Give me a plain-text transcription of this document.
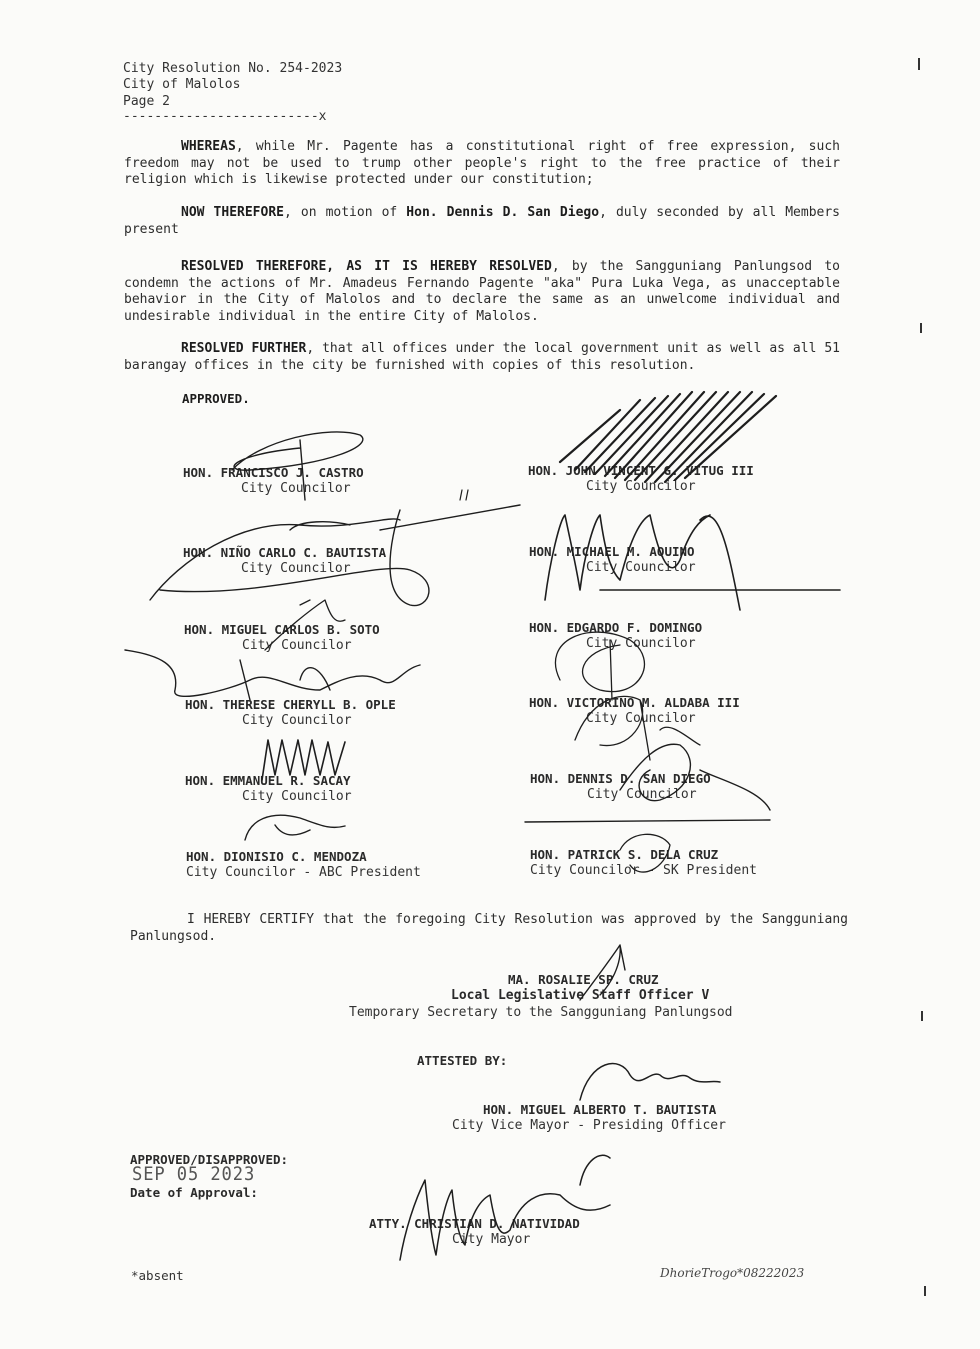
City Resolution No. 254-2023
City of Malolos
Page 2
-------------------------x
WHEREAS, while Mr. Pagente has a constitutional right of free expression, such freedom may not be used to trump other people's right to the free practice of their religion which is likewise protected under our constitution;
NOW THEREFORE, on motion of Hon. Dennis D. San Diego, duly seconded by all Members present
RESOLVED THEREFORE, AS IT IS HEREBY RESOLVED, by the Sangguniang Panlungsod to condemn the actions of Mr. Amadeus Fernando Pagente "aka" Pura Luka Vega, as unacceptable behavior in the City of Malolos and to declare the same as an unwelcome individual and undesirable individual in the entire City of Malolos.
RESOLVED FURTHER, that all offices under the local government unit as well as all 51 barangay offices in the city be furnished with copies of this resolution.
APPROVED.
HON. FRANCISCO J. CASTRO
City Councilor
HON. NIÑO CARLO C. BAUTISTA
City Councilor
HON. MIGUEL CARLOS B. SOTO
City Councilor
HON. THERESE CHERYLL B. OPLE
City Councilor
HON. EMMANUEL R. SACAY
City Councilor
HON. DIONISIO C. MENDOZA
City Councilor - ABC President
HON. JOHN VINCENT G. VITUG III
City Councilor
HON. MICHAEL M. AQUINO
City Councilor
HON. EDGARDO F. DOMINGO
City Councilor
HON. VICTORINO M. ALDABA III
City Councilor
HON. DENNIS D. SAN DIEGO
City Councilor
HON. PATRICK S. DELA CRUZ
City Councilor - SK President
I HEREBY CERTIFY that the foregoing City Resolution was approved by the Sangguniang Panlungsod.
MA. ROSALIE SP. CRUZ
Local Legislative Staff Officer V
Temporary Secretary to the Sangguniang Panlungsod
ATTESTED BY:
HON. MIGUEL ALBERTO T. BAUTISTA
City Vice Mayor - Presiding Officer
APPROVED/DISAPPROVED:
SEP 05 2023
Date of Approval:
ATTY. CHRISTIAN D. NATIVIDAD
City Mayor
*absent	DhorieTrogo*08222023
